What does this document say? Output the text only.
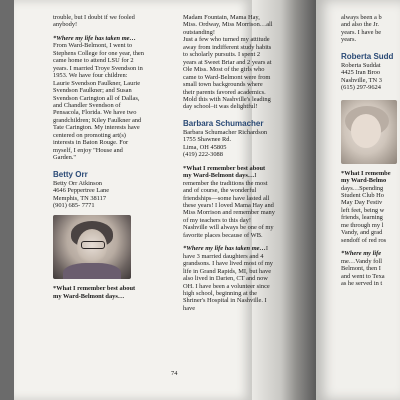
trouble, but I doubt if we fooled

anybody!

*Where my life has taken me…From Ward-Belmont, I went to Stephens College for one year, then came home to attend LSU for 2 years. I married Troye Svendson in 1953. We have four children: Laurie Svendson Faulkner, Laurie Svendson Faulkner; and Susan Svendson Carington all of Dallas, and Chandler Svendson of Pensacola, Florida. We have two grandchildren; Kiley Faulkner and Tate Carington. My interests have centered on promoting art(s) interests in Baton Rouge. For myself, I enjoy "House and Garden."

Betty Orr

Betty Orr Atkinson

4646 Peppertree Lane

Memphis, TN 38117

(901) 685- 7771

*What I remember best about my Ward-Belmont days…

Madam Fountain, Mama Hay,

Miss. Ordway, Miss Morrison…all

outstanding!

Just a few who turned my attitude away from indifferent study habits to scholarly pursuits. I spent 2 years at Sweet Briar and 2 years at Ole Miss. Most of the girls who came to Ward-Belmont were from small town backgrounds where their parents favored academics. Mold this with Nashville's leading day school–it was delightful!

Barbara Schumacher

Barbara Schumacher Richardson

1755 Shawnee Rd.

Lima, OH 45805

(419) 222-3088

*What I remember best about my Ward-Belmont days…I remember the traditions the most and of course, the wonderful friendships—some have lasted all these years! I loved Mama Hay and Miss Morrison and remember many of my teachers to this day! Nashville will always be one of my favorite places because of WB.

*Where my life has taken me…I have 3 married daughters and 4 grandsons. I have lived most of my life in Grand Rapids, MI, but have also lived in Darien, CT and now OH. I have been a volunteer since high school, beginning at the Shriner's Hospital in Nashville. I have

always been a b

and also the Jr.

years. I have be

years.

Roberta Sudd

Roberta Suddat

4425 Iran Broo

Nashville, TN 3

(615) 297-9624

*What I remembe

my Ward-Belmo

days…Spending

Student Club Ho

May Day Festiv

left feet, being w

friends, learning

me through my l

Vandy, and grad

sendoff of red ros

*Where my life

me…Vandy foll

Belmont, then I

and went to Texa

as he served in t

74
